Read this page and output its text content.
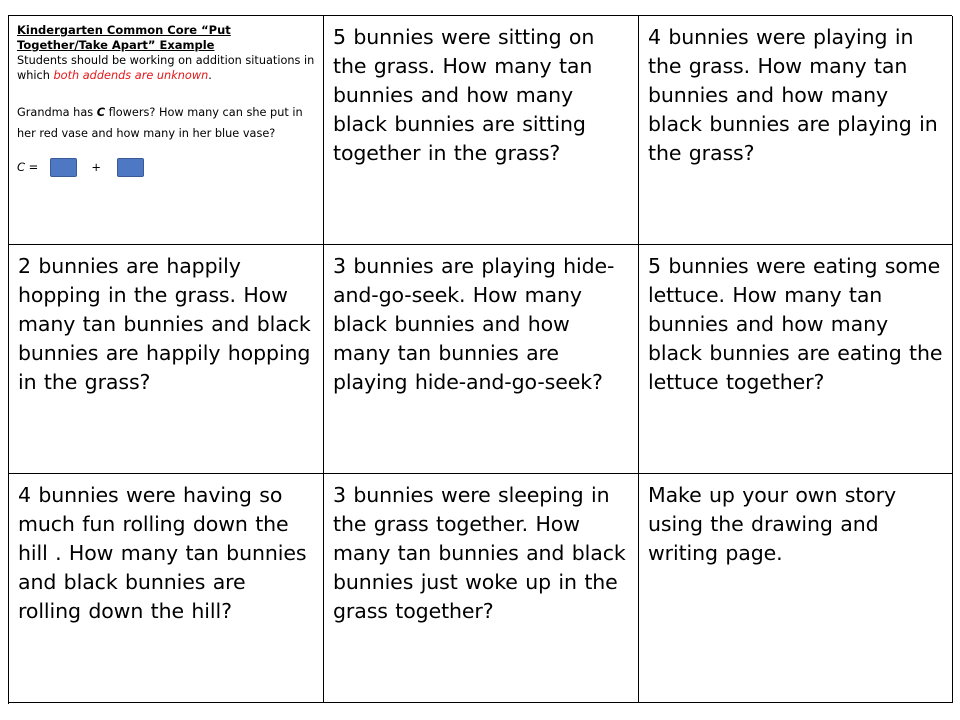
Kindergarten Common Core “Put Together/Take Apart” Example
Students should be working on addition situations in which both addends are unknown.
Grandma has C flowers? How many can she put in her red vase and how many in her blue vase?
C =	+

5 bunnies were sitting on the grass. How many tan bunnies and how many black bunnies are sitting together in the grass?

4 bunnies were playing in the grass. How many tan bunnies and how many black bunnies are playing in the grass?

2 bunnies are happily hopping in the grass. How many tan bunnies and black bunnies are happily hopping in the grass?

3 bunnies are playing hide-and-go-seek. How many black bunnies and how many tan bunnies are playing hide-and-go-seek?

5 bunnies were eating some lettuce. How many tan bunnies and how many black bunnies are eating the lettuce together?

4 bunnies were having so much fun rolling down the hill . How many tan bunnies and black bunnies are rolling down the hill?

3 bunnies were sleeping in the grass together. How many tan bunnies and black bunnies just woke up in the grass together?

Make up your own story using the drawing and writing page.
